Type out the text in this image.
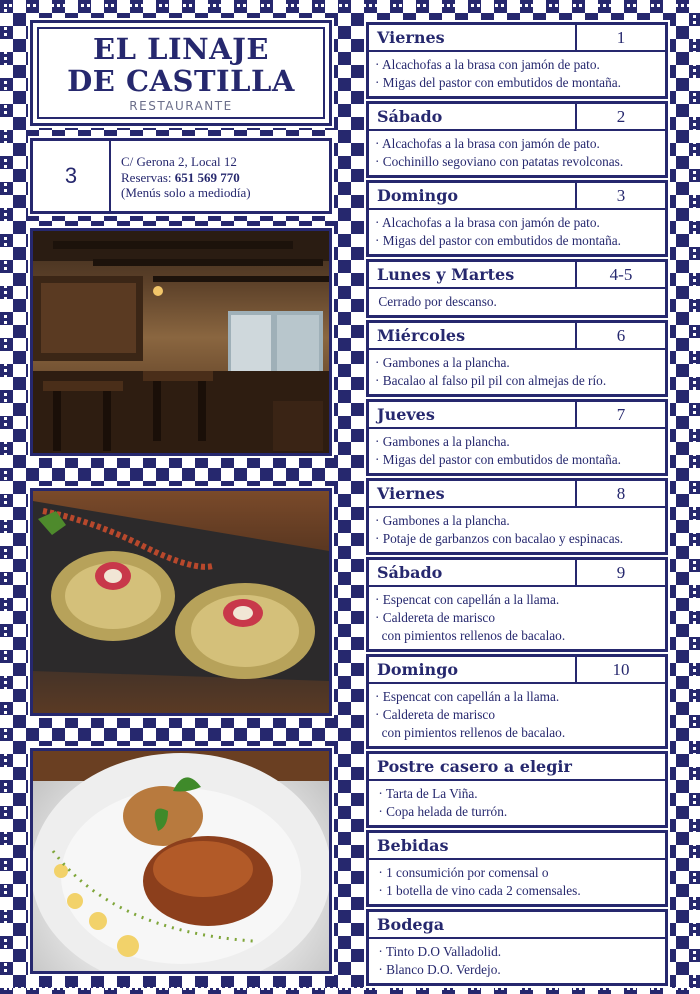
EL LINAJE
DE CASTILLA
RESTAURANTE
3
C/ Gerona 2, Local 12
Reservas: 651 569 770
(Menús solo a mediodía)
Viernes	1
· Alcachofas a la brasa con jamón de pato.
· Migas del pastor con embutidos de montaña.
Sábado	2
· Alcachofas a la brasa con jamón de pato.
· Cochinillo segoviano con patatas revolconas.
Domingo	3
· Alcachofas a la brasa con jamón de pato.
· Migas del pastor con embutidos de montaña.
Lunes y Martes	4-5
Cerrado por descanso.
Miércoles	6
· Gambones a la plancha.
· Bacalao al falso pil pil con almejas de río.
Jueves	7
· Gambones a la plancha.
· Migas del pastor con embutidos de montaña.
Viernes	8
· Gambones a la plancha.
· Potaje de garbanzos con bacalao y espinacas.
Sábado	9
· Espencat con capellán a la llama.
· Caldereta de marisco
con pimientos rellenos de bacalao.
Domingo	10
· Espencat con capellán a la llama.
· Caldereta de marisco
con pimientos rellenos de bacalao.
Postre casero a elegir
· Tarta de La Viña.
· Copa helada de turrón.
Bebidas
· 1 consumición por comensal o
· 1 botella de vino cada 2 comensales.
Bodega
· Tinto D.O Valladolid.
· Blanco D.O. Verdejo.
